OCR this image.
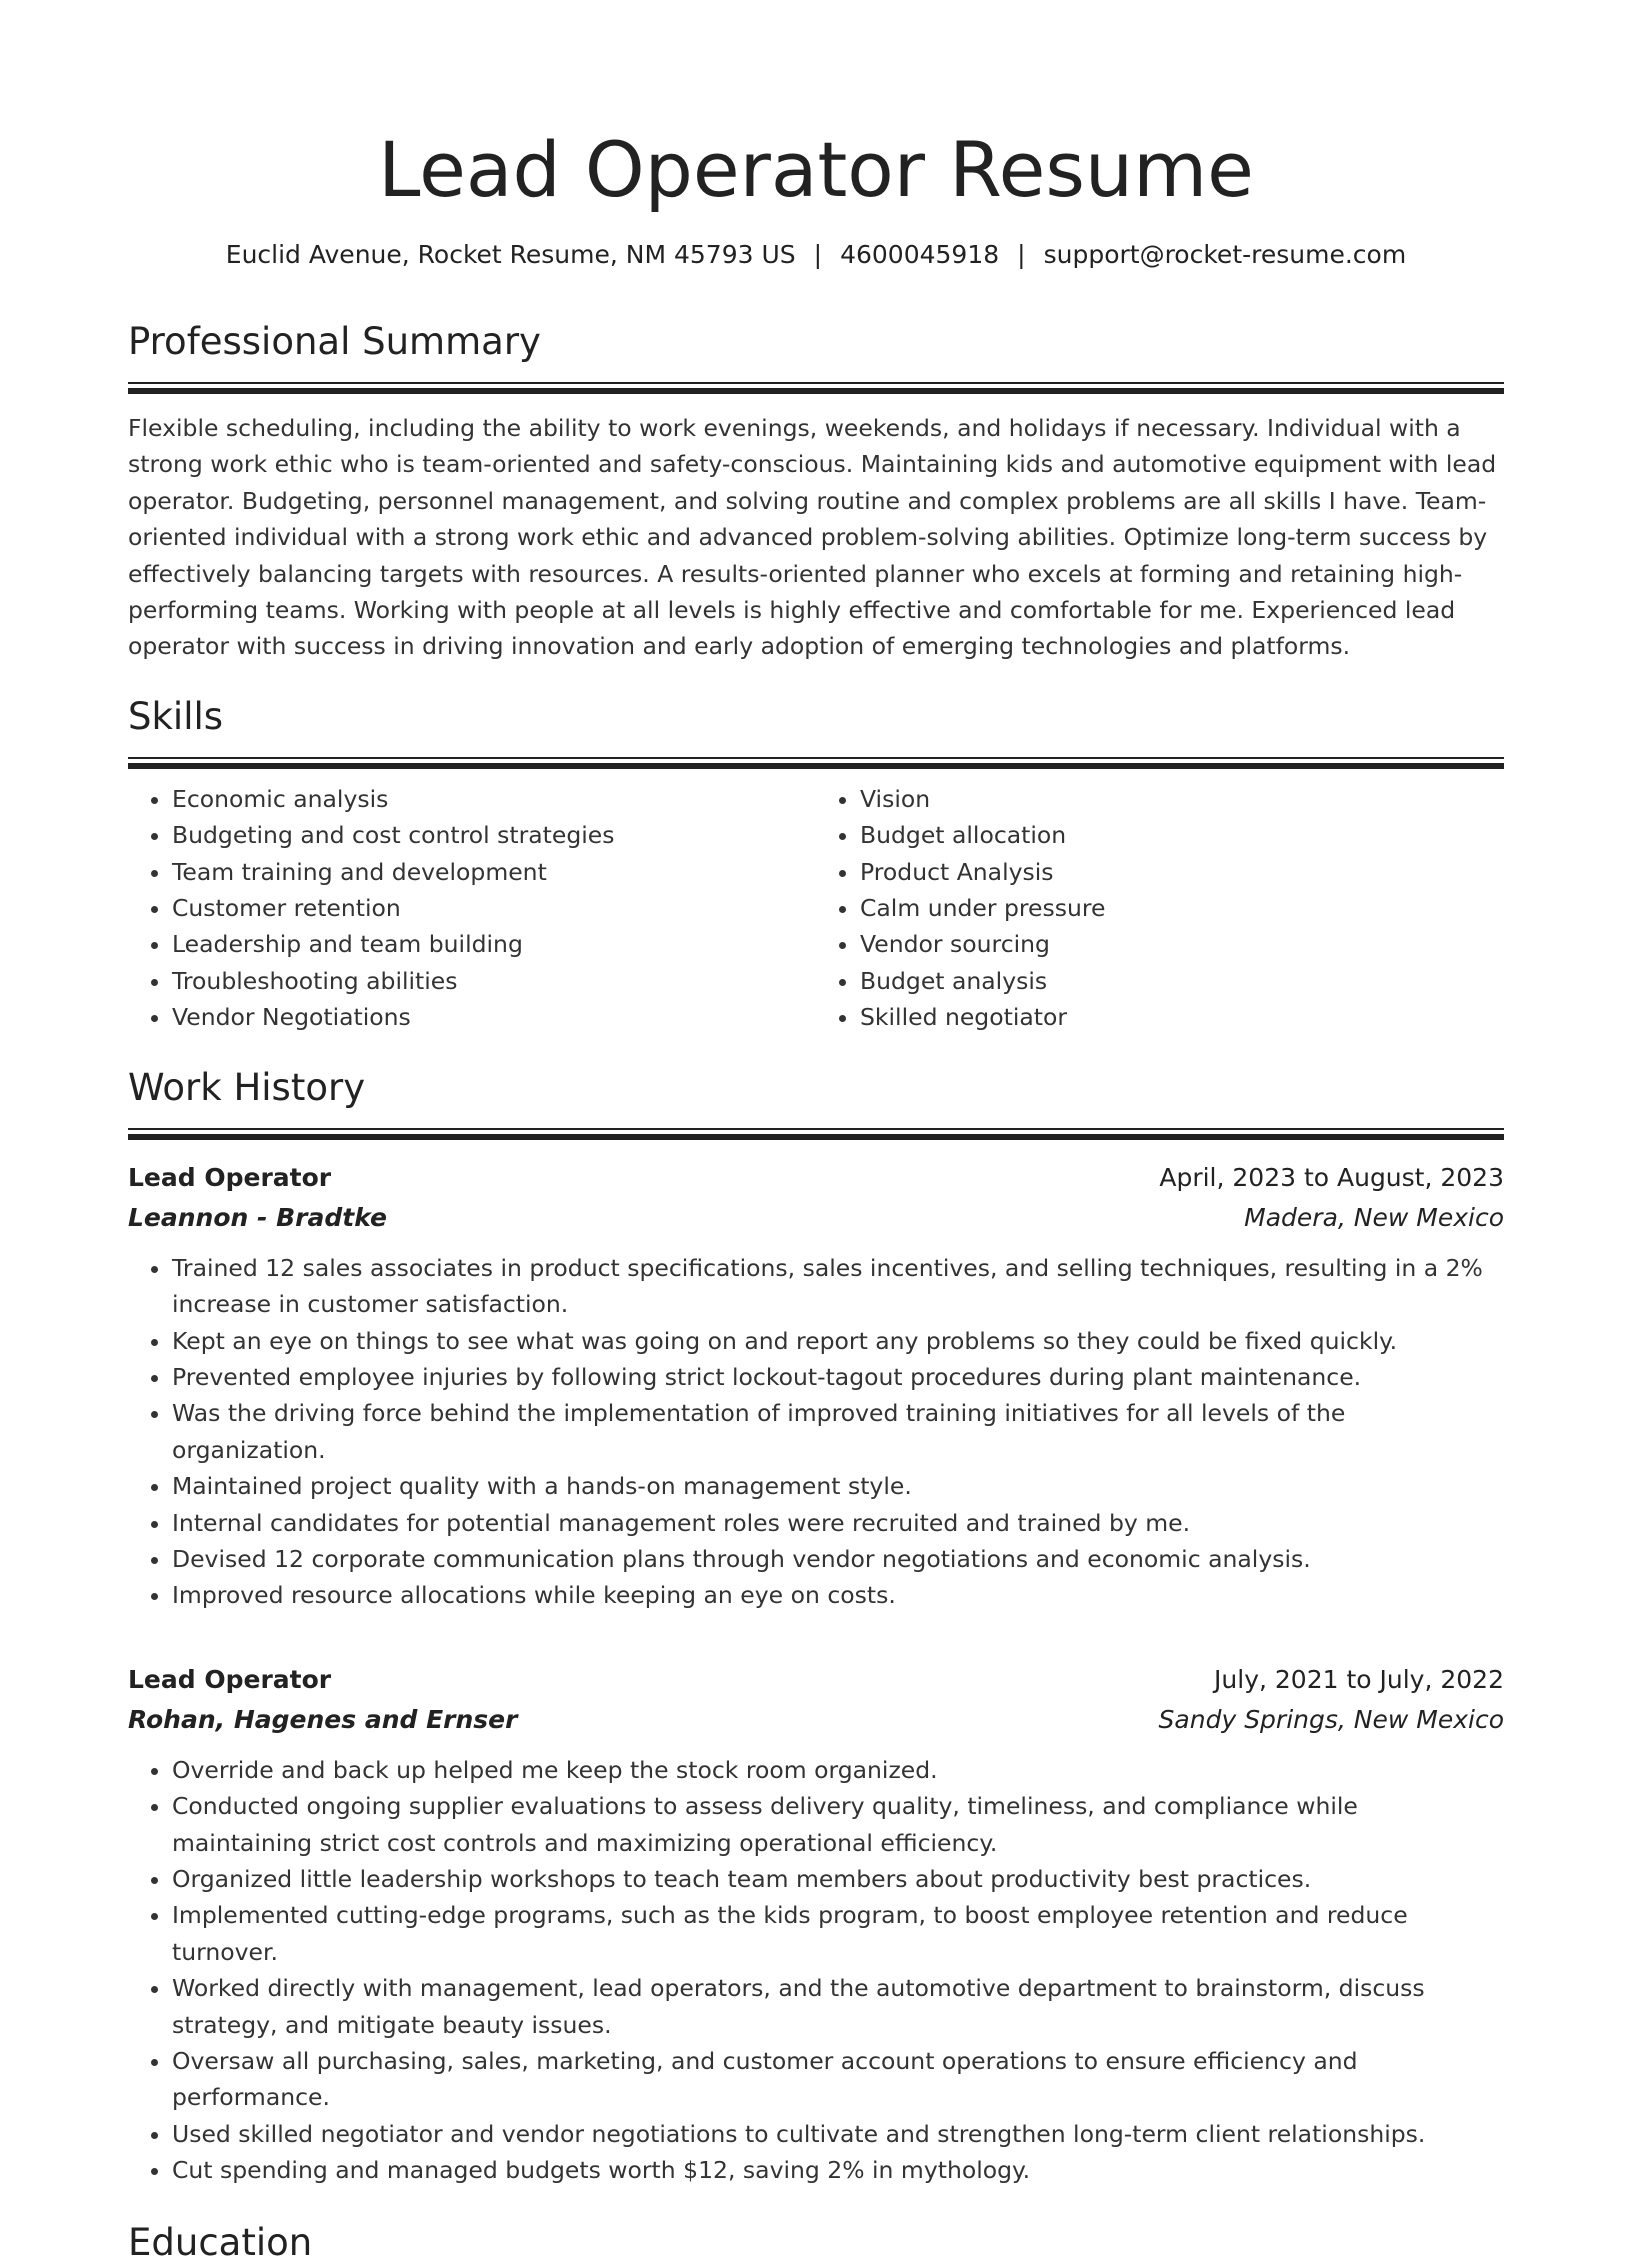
Lead Operator Resume
Euclid Avenue, Rocket Resume, NM 45793 US | 4600045918 | support@rocket-resume.com
Professional Summary

Flexible scheduling, including the ability to work evenings, weekends, and holidays if necessary. Individual with a strong work ethic who is team-oriented and safety-conscious. Maintaining kids and automotive equipment with lead operator. Budgeting, personnel management, and solving routine and complex problems are all skills I have. Team-oriented individual with a strong work ethic and advanced problem-solving abilities. Optimize long-term success by effectively balancing targets with resources. A results-oriented planner who excels at forming and retaining high-performing teams. Working with people at all levels is highly effective and comfortable for me. Experienced lead operator with success in driving innovation and early adoption of emerging technologies and platforms.

Skills
• Economic analysis
• Budgeting and cost control strategies
• Team training and development
• Customer retention
• Leadership and team building
• Troubleshooting abilities
• Vendor Negotiations
• Vision
• Budget allocation
• Product Analysis
• Calm under pressure
• Vendor sourcing
• Budget analysis
• Skilled negotiator
Work History
Lead Operator	April, 2023 to August, 2023
Leannon - Bradtke	Madera, New Mexico
• Trained 12 sales associates in product specifications, sales incentives, and selling techniques, resulting in a 2% increase in customer satisfaction.
• Kept an eye on things to see what was going on and report any problems so they could be fixed quickly.
• Prevented employee injuries by following strict lockout-tagout procedures during plant maintenance.
• Was the driving force behind the implementation of improved training initiatives for all levels of the organization.
• Maintained project quality with a hands-on management style.
• Internal candidates for potential management roles were recruited and trained by me.
• Devised 12 corporate communication plans through vendor negotiations and economic analysis.
• Improved resource allocations while keeping an eye on costs.
Lead Operator	July, 2021 to July, 2022
Rohan, Hagenes and Ernser	Sandy Springs, New Mexico
• Override and back up helped me keep the stock room organized.
• Conducted ongoing supplier evaluations to assess delivery quality, timeliness, and compliance while maintaining strict cost controls and maximizing operational efficiency.
• Organized little leadership workshops to teach team members about productivity best practices.
• Implemented cutting-edge programs, such as the kids program, to boost employee retention and reduce turnover.
• Worked directly with management, lead operators, and the automotive department to brainstorm, discuss strategy, and mitigate beauty issues.
• Oversaw all purchasing, sales, marketing, and customer account operations to ensure efficiency and performance.
• Used skilled negotiator and vendor negotiations to cultivate and strengthen long-term client relationships.
• Cut spending and managed budgets worth $12, saving 2% in mythology.
Education
